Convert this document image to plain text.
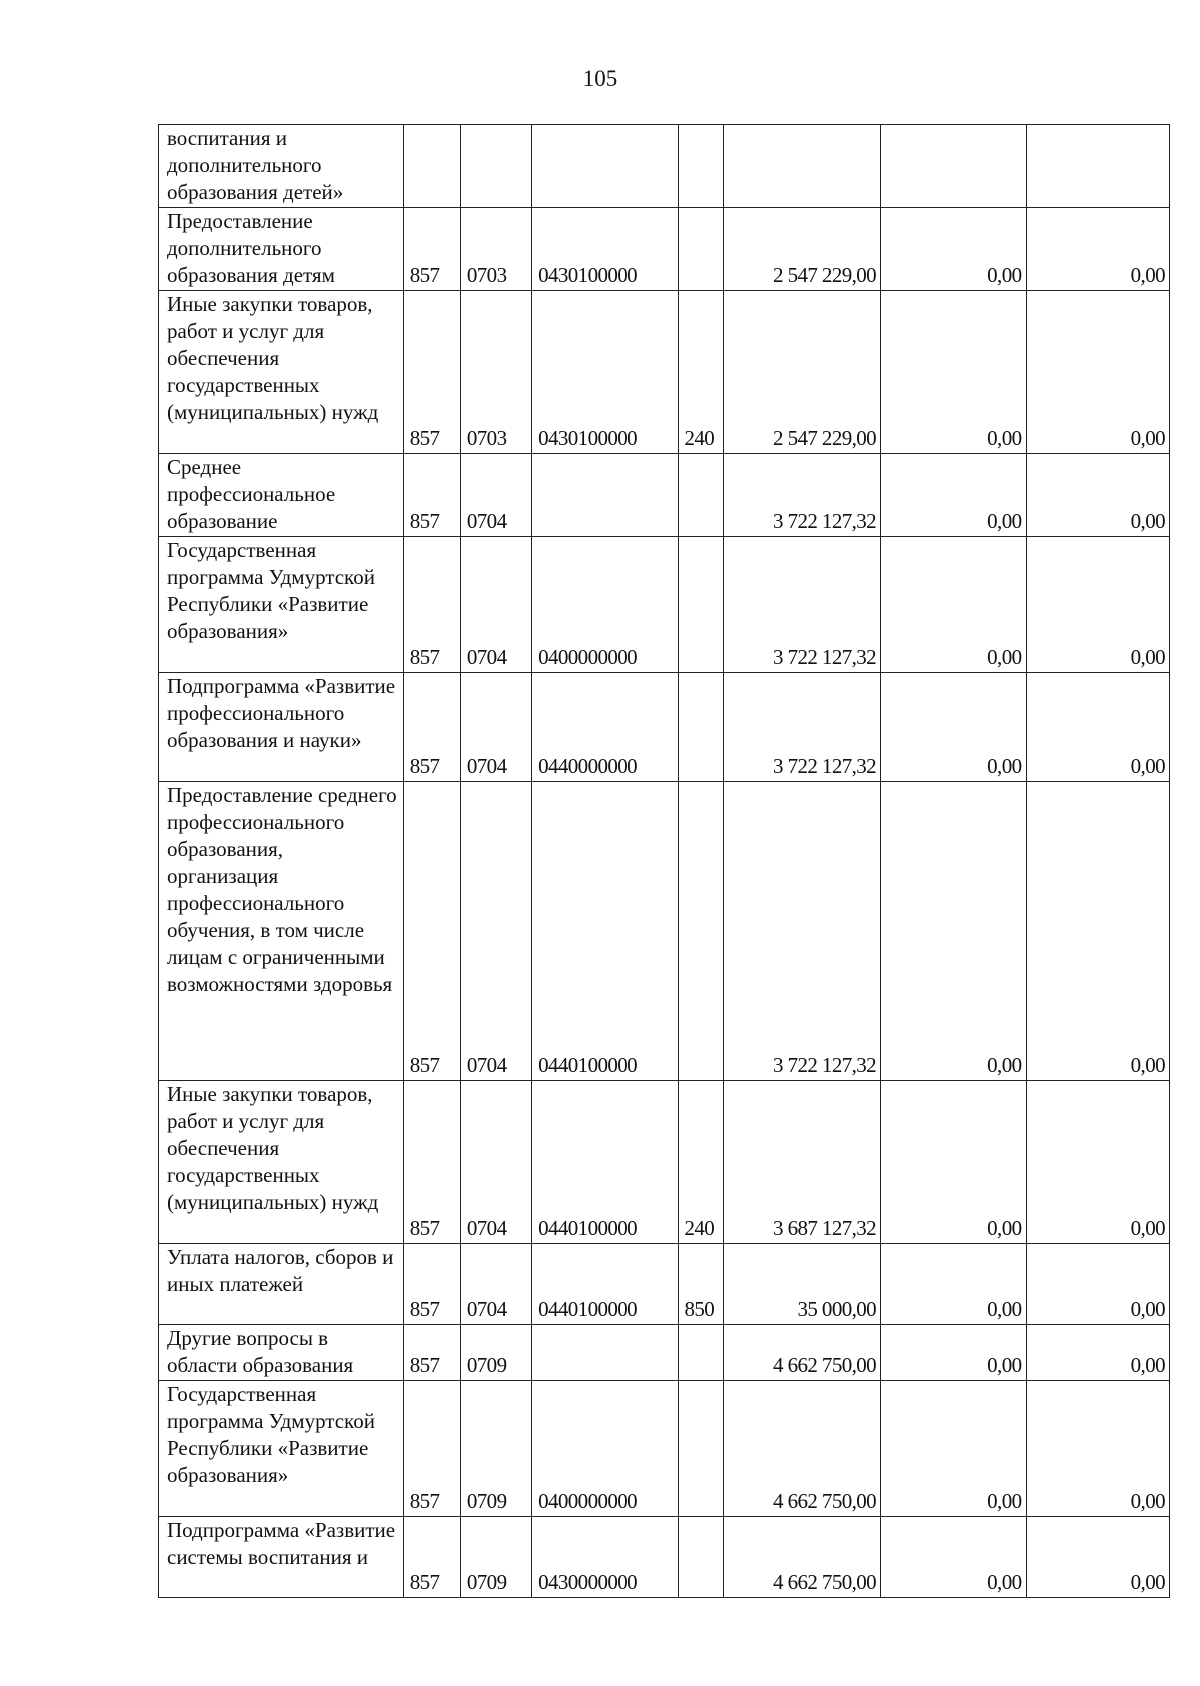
105
воспитания и дополнительного образования детей»							
Предоставление дополнительного образования детям	857	0703	0430100000		2 547 229,00	0,00	0,00
Иные закупки товаров, работ и услуг для обеспечения государственных (муниципальных) нужд	857	0703	0430100000	240	2 547 229,00	0,00	0,00
Среднее профессиональное образование	857	0704			3 722 127,32	0,00	0,00
Государственная программа Удмуртской Республики «Развитие образования»	857	0704	0400000000		3 722 127,32	0,00	0,00
Подпрограмма «Развитие профессионального образования и науки»	857	0704	0440000000		3 722 127,32	0,00	0,00
Предоставление среднего профессионального образования, организация профессионального обучения, в том числе лицам с ограниченными возможностями здоровья	857	0704	0440100000		3 722 127,32	0,00	0,00
Иные закупки товаров, работ и услуг для обеспечения государственных (муниципальных) нужд	857	0704	0440100000	240	3 687 127,32	0,00	0,00
Уплата налогов, сборов и иных платежей	857	0704	0440100000	850	35 000,00	0,00	0,00
Другие вопросы в области образования	857	0709			4 662 750,00	0,00	0,00
Государственная программа Удмуртской Республики «Развитие образования»	857	0709	0400000000		4 662 750,00	0,00	0,00
Подпрограмма «Развитие системы воспитания и	857	0709	0430000000		4 662 750,00	0,00	0,00
